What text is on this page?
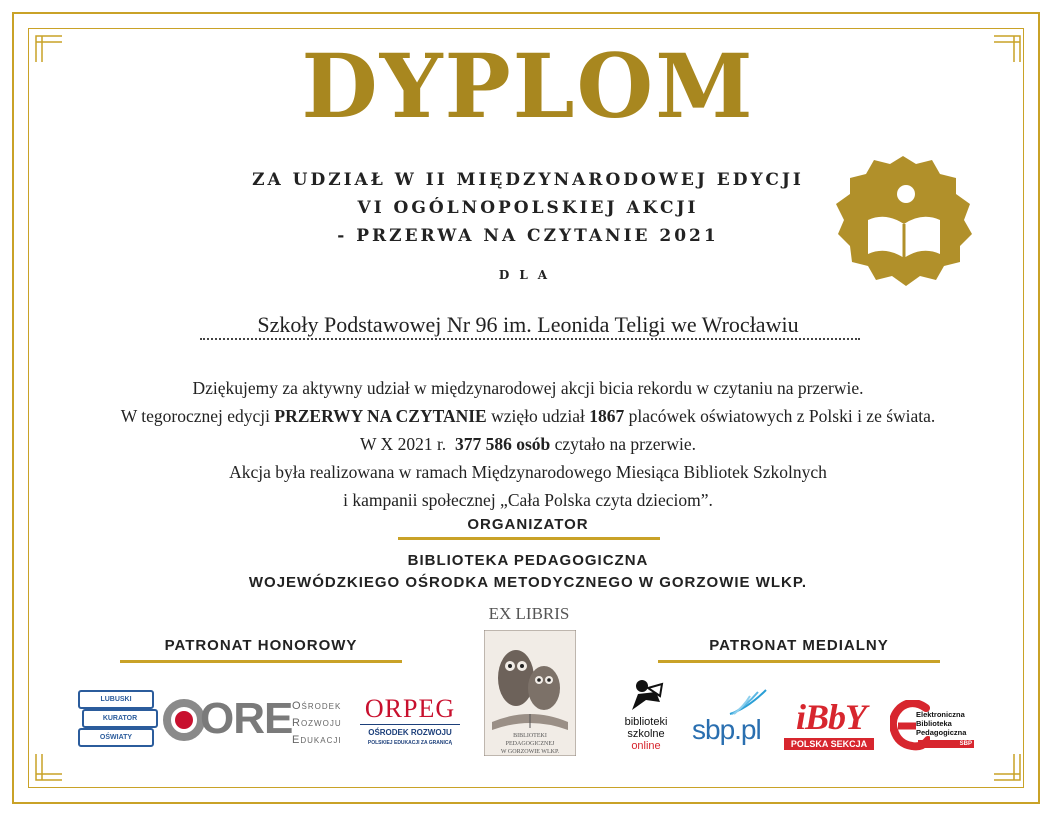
DYPLOM
ZA UDZIAŁ W II MIĘDZYNARODOWEJ EDYCJI
VI OGÓLNOPOLSKIEJ AKCJI
- PRZERWA NA CZYTANIE 2021
DLA
Szkoły Podstawowej Nr 96 im. Leonida Teligi we Wrocławiu
Dziękujemy za aktywny udział w międzynarodowej akcji bicia rekordu w czytaniu na przerwie.
W tegorocznej edycji PRZERWY NA CZYTANIE wzięło udział 1867 placówek oświatowych z Polski i ze świata.
W X 2021 r.  377 586 osób czytało na przerwie.
Akcja była realizowana w ramach Międzynarodowego Miesiąca Bibliotek Szkolnych
i kampanii społecznej „Cała Polska czyta dzieciom”.
ORGANIZATOR
BIBLIOTEKA PEDAGOGICZNA
WOJEWÓDZKIEGO OŚRODKA METODYCZNEGO W GORZOWIE WLKP.
PATRONAT HONOROWY
LUBUSKI
KURATOR
OŚWIATY	ORE Ośrodek
Rozwoju
Edukacji
ORPEG
OŚRODEK ROZWOJU
POLSKIEJ EDUKACJI ZA GRANICĄ
EX LIBRIS
BIBLIOTEKI
PEDAGOGICZNEJ
W GORZOWIE WLKP.
PATRONAT MEDIALNY
biblioteki
szkolne
online
sbp.pl iBbY
POLSKA SEKCJA
Elektroniczna
Biblioteka
Pedagogiczna
SBP
